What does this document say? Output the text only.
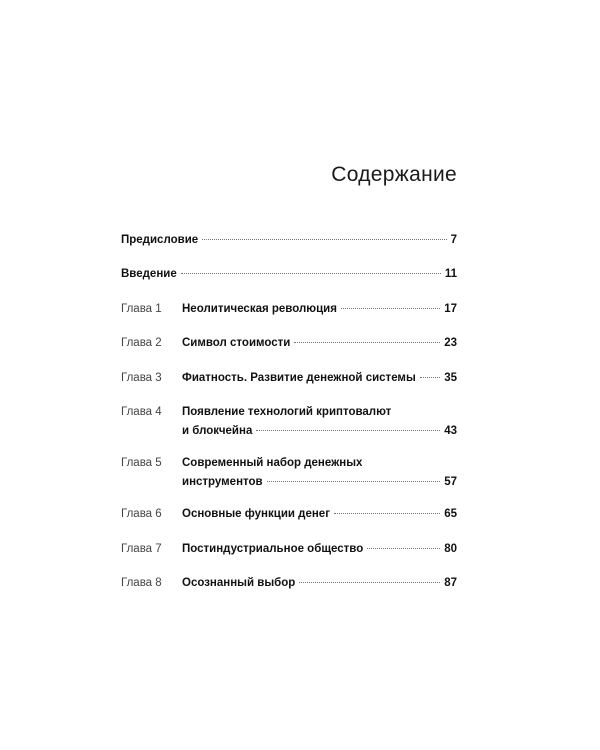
Содержание
Предисловие	7
Введение	11
Глава 1	Неолитическая революция	17
Глава 2	Символ стоимости	23
Глава 3	Фиатность. Развитие денежной системы 35
Глава 4	Появление технологий криптовалют
и блокчейна	43
Глава 5	Современный набор денежных
инструментов	57
Глава 6	Основные функции денег	65
Глава 7	Постиндустриальное общество	80
Глава 8	Осознанный выбор	87
